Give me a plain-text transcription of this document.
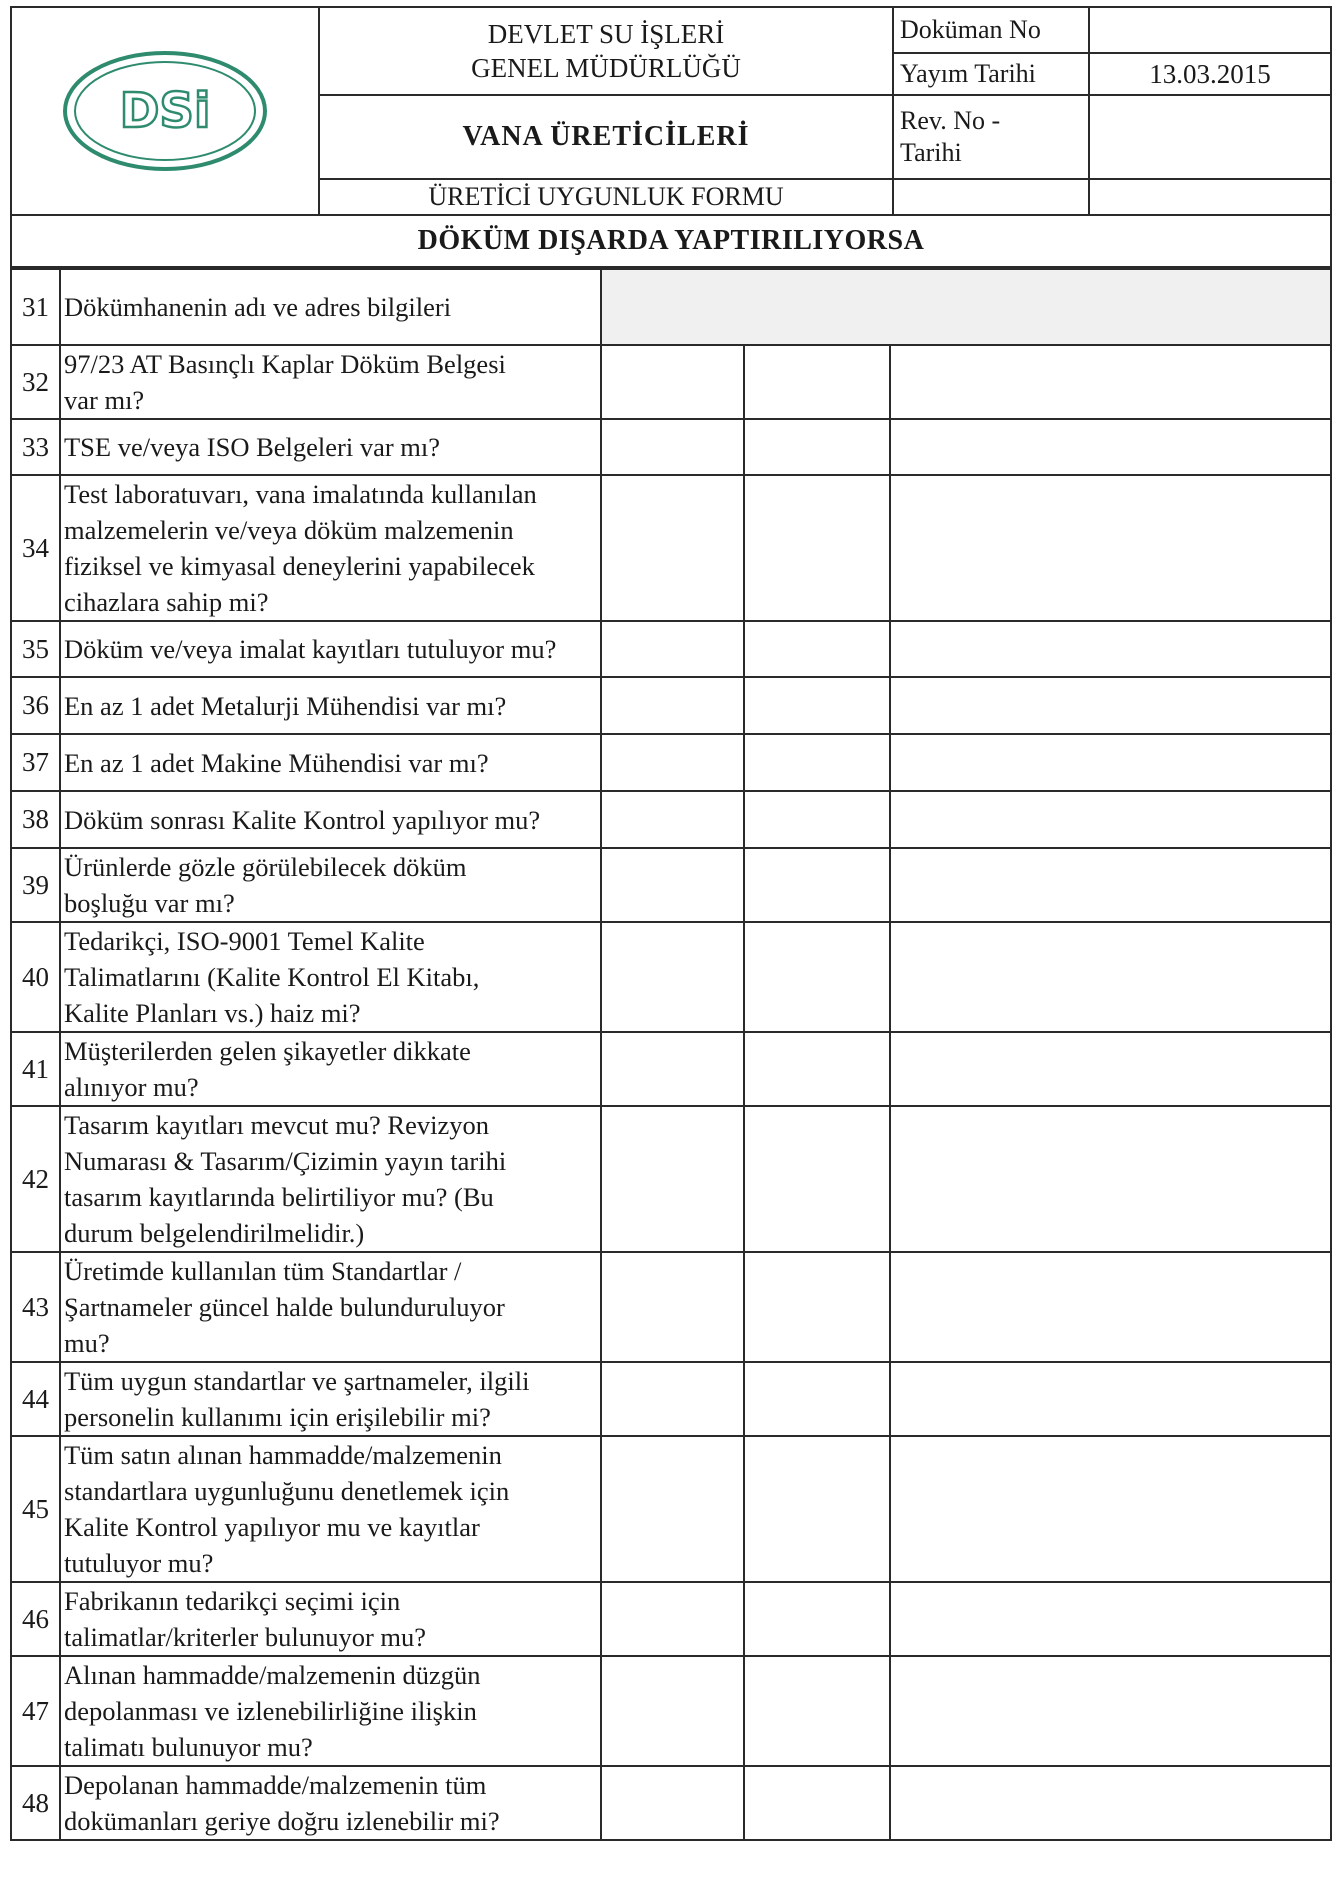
DSi
DEVLET SU İŞLERİ
GENEL MÜDÜRLÜĞÜ
VANA ÜRETİCİLERİ
ÜRETİCİ UYGUNLUK FORMU
Doküman No
Yayım Tarihi	13.03.2015
Rev. No -
Tarihi
DÖKÜM DIŞARDA YAPTIRILIYORSA
31	Dökümhanenin adı ve adres bilgileri			
32	97/23 AT Basınçlı Kaplar Döküm Belgesi
var mı?			
33	TSE ve/veya ISO Belgeleri var mı?			
34	Test laboratuvarı, vana imalatında kullanılan
malzemelerin ve/veya döküm malzemenin
fiziksel ve kimyasal deneylerini yapabilecek
cihazlara sahip mi?			
35	Döküm ve/veya imalat kayıtları tutuluyor mu?			
36	En az 1 adet Metalurji Mühendisi var mı?			
37	En az 1 adet Makine Mühendisi var mı?			
38	Döküm sonrası Kalite Kontrol yapılıyor mu?			
39	Ürünlerde gözle görülebilecek döküm
boşluğu var mı?			
40	Tedarikçi, ISO-9001 Temel Kalite
Talimatlarını (Kalite Kontrol El Kitabı,
Kalite Planları vs.) haiz mi?			
41	Müşterilerden gelen şikayetler dikkate
alınıyor mu?			
42	Tasarım kayıtları mevcut mu? Revizyon
Numarası & Tasarım/Çizimin yayın tarihi
tasarım kayıtlarında belirtiliyor mu? (Bu
durum belgelendirilmelidir.)			
43	Üretimde kullanılan tüm Standartlar /
Şartnameler güncel halde bulunduruluyor
mu?			
44	Tüm uygun standartlar ve şartnameler, ilgili
personelin kullanımı için erişilebilir mi?			
45	Tüm satın alınan hammadde/malzemenin
standartlara uygunluğunu denetlemek için
Kalite Kontrol yapılıyor mu ve kayıtlar
tutuluyor mu?			
46	Fabrikanın tedarikçi seçimi için
talimatlar/kriterler bulunuyor mu?			
47	Alınan hammadde/malzemenin düzgün
depolanması ve izlenebilirliğine ilişkin
talimatı bulunuyor mu?			
48	Depolanan hammadde/malzemenin tüm
dokümanları geriye doğru izlenebilir mi?			
